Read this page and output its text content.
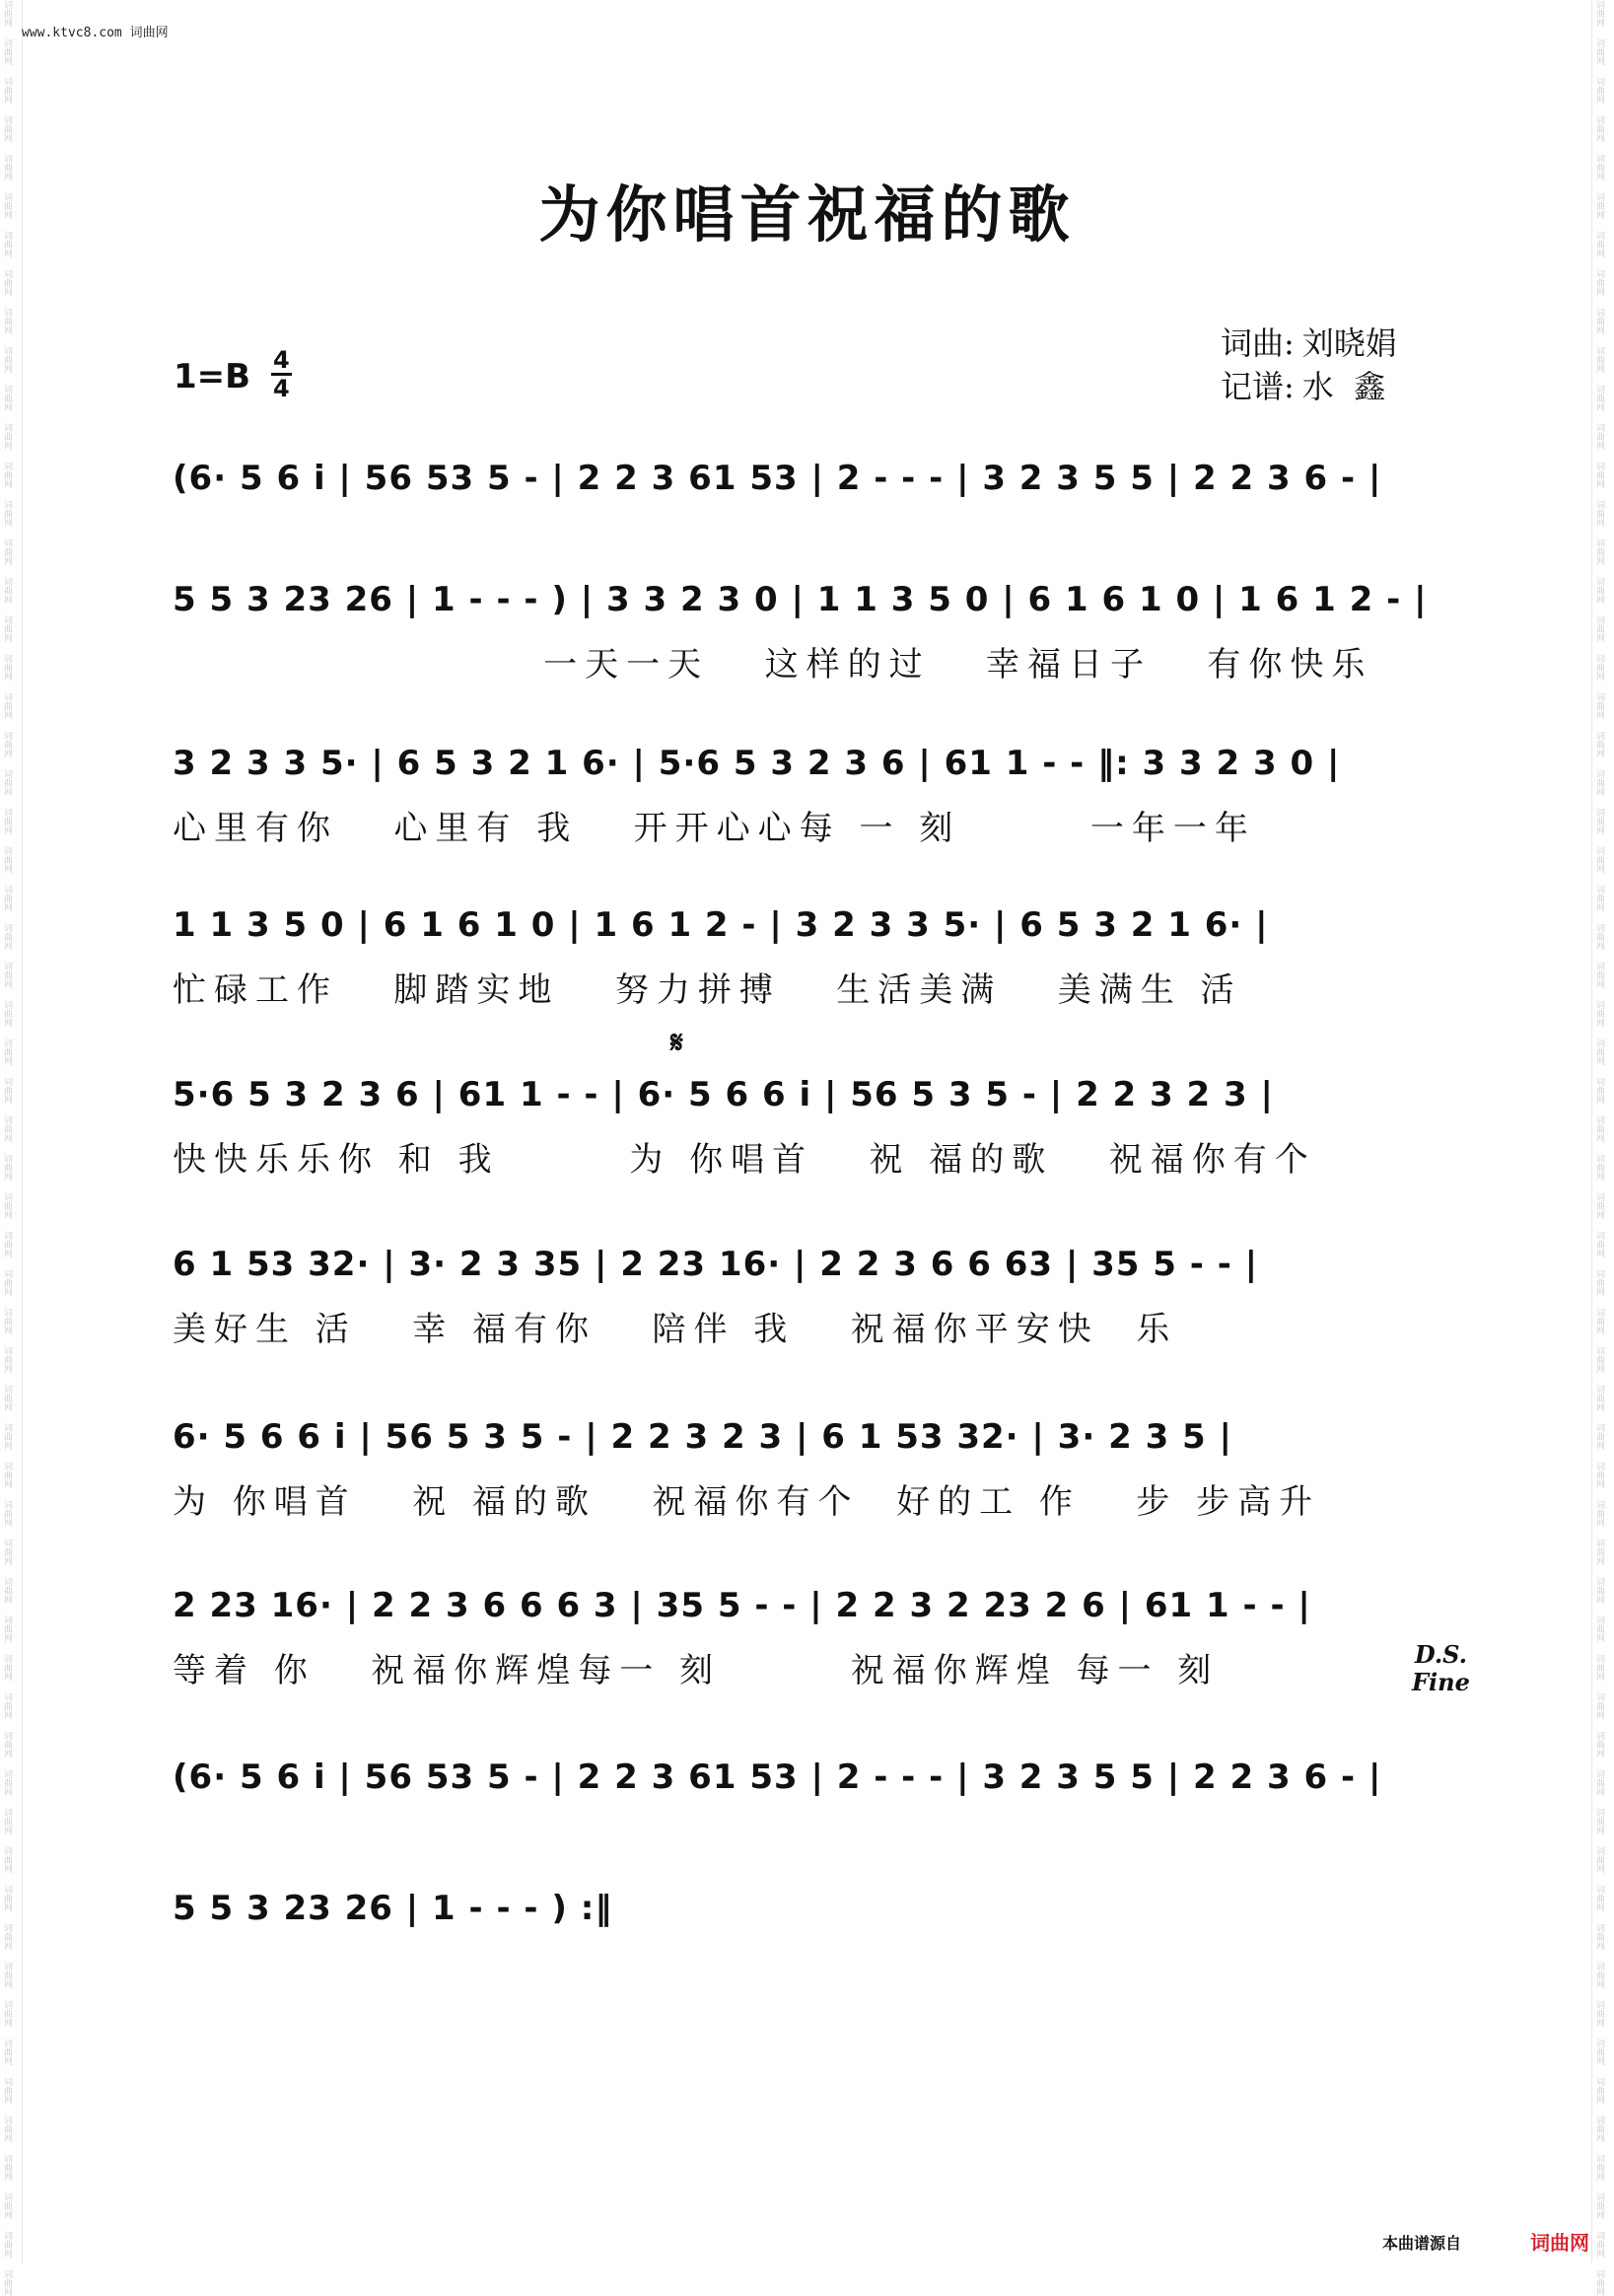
词曲网
词曲网
词曲网
词曲网
词曲网
词曲网
词曲网
词曲网
词曲网
词曲网
词曲网
词曲网
词曲网
词曲网
词曲网
词曲网
词曲网
词曲网
词曲网
词曲网
词曲网
词曲网
词曲网
词曲网
词曲网
词曲网
词曲网
词曲网
词曲网
词曲网
词曲网
词曲网
词曲网
词曲网
词曲网
词曲网
词曲网
词曲网
词曲网
词曲网
词曲网
词曲网
词曲网
词曲网
词曲网
词曲网
词曲网
词曲网
词曲网
词曲网
词曲网
词曲网
词曲网
词曲网
词曲网
词曲网
词曲网
词曲网
词曲网
词曲网
词曲网
词曲网
词曲网
词曲网
词曲网
词曲网
词曲网
词曲网
词曲网
词曲网
词曲网
词曲网
词曲网
词曲网
词曲网
词曲网
词曲网
词曲网
词曲网
词曲网
词曲网
词曲网
词曲网
词曲网
词曲网
词曲网
词曲网
词曲网
词曲网
词曲网
词曲网
词曲网
词曲网
词曲网
词曲网
词曲网
词曲网
词曲网
词曲网
词曲网
词曲网
词曲网
词曲网
词曲网
词曲网
词曲网
词曲网
词曲网
词曲网
词曲网
词曲网
词曲网
词曲网
词曲网
词曲网
词曲网
词曲网
词曲网
词曲网
词曲网
www.ktvc8.com 词曲网
为你唱首祝福的歌
$1=B \frac{4}{4}$
词曲: 刘晓娟
记谱: 水  鑫
(6· 5 6 i | 56 53 5 - | 2 2 3 61 53 | 2 - - - | 3 2 3 5 5 | 2 2 3 6 - |
5 5 3 23 26 | 1 - - - ) | 3 3 2 3 0 | 1 1 3 5 0 | 6 1 6 1 0 | 1 6 1 2 - |
一天一天   这样的过   幸福日子   有你快乐
3 2 3 3 5· | 6 5 3 2 1 6· | 5·6 5 3 2 3 6 | 61 1 - - ‖: 3 3 2 3 0 |
心里有你   心里有 我   开开心心每 一 刻       一年一年
1 1 3 5 0 | 6 1 6 1 0 | 1 6 1 2 - | 3 2 3 3 5· | 6 5 3 2 1 6· |
忙碌工作   脚踏实地   努力拼搏   生活美满   美满生 活
5·6 5 3 2 3 6 | 61 1 - - | 6· 5 6 6 i | 56 5 3 5 - | 2 2 3 2 3 |
快快乐乐你 和 我       为 你唱首   祝 福的歌   祝福你有个
6 1 53 32· | 3· 2 3 35 | 2 23 16· | 2 2 3 6 6 63 | 35 5 - - |
美好生 活   幸 福有你   陪伴 我   祝福你平安快  乐
6· 5 6 6 i | 56 5 3 5 - | 2 2 3 2 3 | 6 1 53 32· | 3· 2 3 5 |
为 你唱首   祝 福的歌   祝福你有个  好的工 作   步 步高升
2 23 16· | 2 2 3 6 6 6 3 | 35 5 - - | 2 2 3 2 23 2 6 | 61 1 - - |
等着 你   祝福你辉煌每一 刻       祝福你辉煌 每一 刻
(6· 5 6 i | 56 53 5 - | 2 2 3 61 53 | 2 - - - | 3 2 3 5 5 | 2 2 3 6 - |
5 5 3 23 26 | 1 - - - ) :‖
𝄋
D.S.
Fine
本曲谱源自	词曲网
